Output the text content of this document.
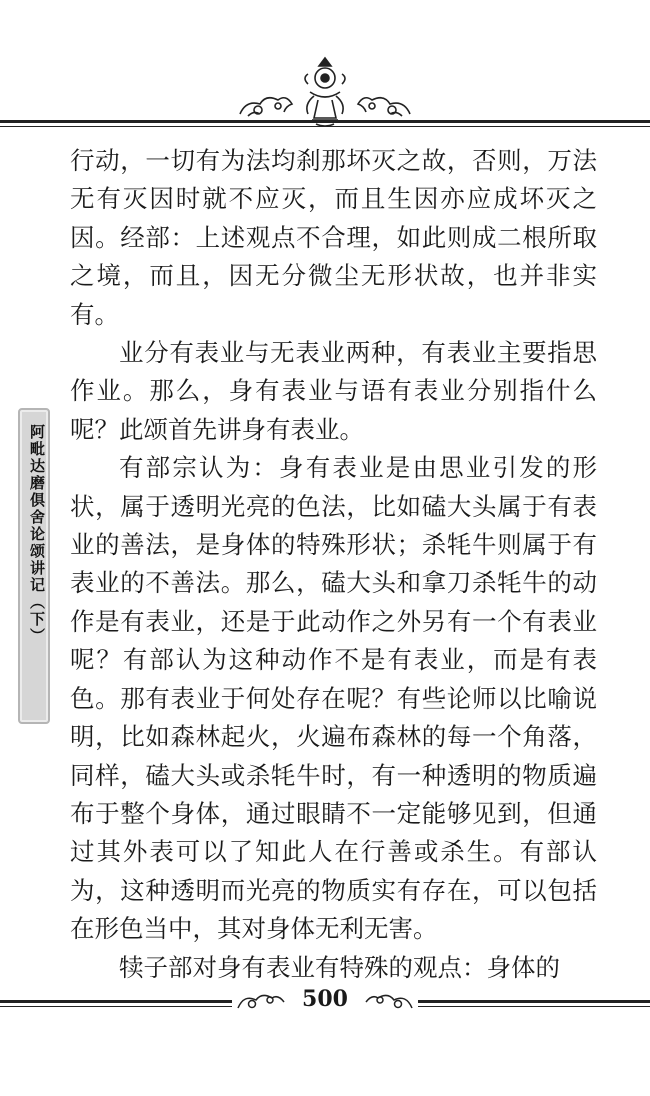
阿毗达磨俱舍论颂讲记（下）

行动，一切有为法均刹那坏灭之故，否则，万法无有灭因时就不应灭，而且生因亦应成坏灭之因。经部：上述观点不合理，如此则成二根所取之境，而且，因无分微尘无形状故，也并非实有。

业分有表业与无表业两种，有表业主要指思作业。那么，身有表业与语有表业分别指什么呢？此颂首先讲身有表业。

有部宗认为：身有表业是由思业引发的形状，属于透明光亮的色法，比如磕大头属于有表业的善法，是身体的特殊形状；杀牦牛则属于有表业的不善法。那么，磕大头和拿刀杀牦牛的动作是有表业，还是于此动作之外另有一个有表业呢？有部认为这种动作不是有表业，而是有表色。那有表业于何处存在呢？有些论师以比喻说明，比如森林起火，火遍布森林的每一个角落，同样，磕大头或杀牦牛时，有一种透明的物质遍布于整个身体，通过眼睛不一定能够见到，但通过其外表可以了知此人在行善或杀生。有部认为，这种透明而光亮的物质实有存在，可以包括在形色当中，其对身体无利无害。

犊子部对身有表业有特殊的观点：身体的

500
